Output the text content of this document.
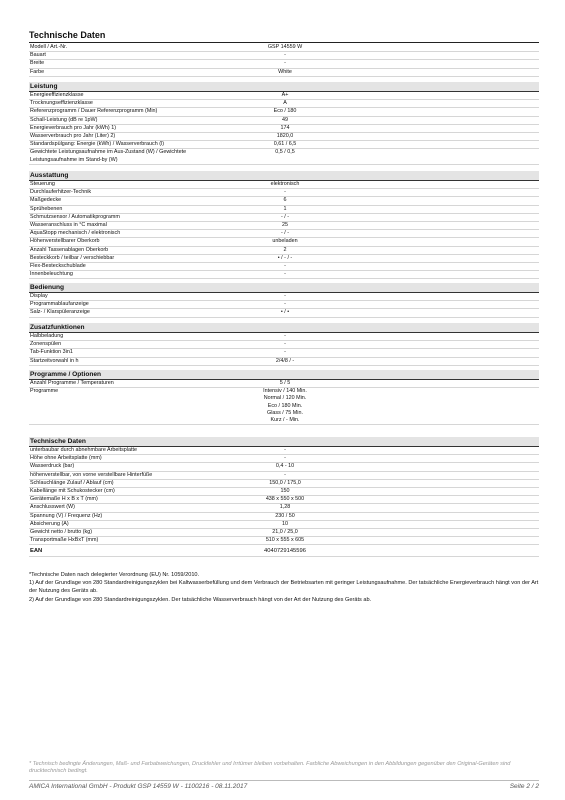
Technische Daten
Modell / Art.-Nr.	GSP 14559 W
Bauart	-
Breite	-
Farbe	White
Leistung
Energieeffizienzklasse	A+
Trocknungseffizienzklasse	A
Referenzprogramm / Dauer Referenzprogramm (Min)	Eco / 180
Schall-Leistung (dB re 1pW)	49
Energieverbrauch pro Jahr (kWh) 1)	174
Wasserverbrauch pro Jahr (Liter) 2)	1820,0
Standardspülgang: Energie (kWh) / Wasserverbrauch (l)	0,61 / 6,5
Gewichtete Leistungsaufnahme im Aus-Zustand (W) / Gewichtete Leistungsaufnahme im Stand-by (W)
0,5 / 0,5
Ausstattung
Steuerung	elektronisch
Durchlauferhitzer-Technik	-
Maßgedecke	6
Sprühebenen	1
Schmutzsensor / Automatikprogramm	- / -
Wasseranschluss in °C maximal	25
AquaStopp mechanisch / elektronisch	- / -
Höhenverstellbarer Oberkorb	unbeladen
Anzahl Tassenablagen Oberkorb	2
Besteckkorb / teilbar / verschiebbar	• / - / -
Flex-Besteckschublade	-
Innenbeleuchtung	-
Bedienung
Display	-
Programmablaufanzeige	-
Salz- / Klarspüleranzeige	• / •
Zusatzfunktionen
Halbbeladung	-
Zonenspülen	-
Tab-Funktion 3in1	-
Startzeitvorwahl in h	2/4/8 / -
Programme / Optionen
Anzahl Programme / Temperaturen	5 / 5
Programme	Intensiv / 140 Min.
Normal / 120 Min.
Eco / 180 Min.
Glass / 75 Min.
Kurz / - Min.
Technische Daten
unterbaubar durch abnehmbare Arbeitsplatte	-
Höhe ohne Arbeitsplatte (mm)	-
Wasserdruck (bar)	0,4 - 10
höhenverstellbar, von vorne verstellbare Hinterfüße	-
Schlauchlänge Zulauf / Ablauf (cm)	150,0 / 175,0
Kabellänge mit Schukostecker (cm)	150
Gerätemaße H x B x T (mm)	438 x 550 x 500
Anschlusswert (W)	1,28
Spannung (V) / Frequenz (Hz)	230 / 50
Absicherung (A)	10
Gewicht netto / brutto (kg)	21,0 / 25,0
Transportmaße HxBxT (mm)	510 x 555 x 605
EAN	4040729145596

*Technische Daten nach delegierter Verordnung (EU) Nr. 1059/2010.

1) Auf der Grundlage von 280 Standardreinigungszyklen bei Kaltwasserbefüllung und dem Verbrauch der Betriebsarten mit geringer Leistungsaufnahme. Der tatsächliche Energieverbrauch hängt von der Art der Nutzung des Geräts ab.

2) Auf der Grundlage von 280 Standardreinigungszyklen. Der tatsächliche Wasserverbrauch hängt von der Art der Nutzung des Geräts ab.

* Technisch bedingte Änderungen, Maß- und Farbabweichungen, Druckfehler und Irrtümer bleiben vorbehalten. Farbliche Abweichungen in den Abbildungen gegenüber den Original-Geräten sind drucktechnisch bedingt.
AMICA International GmbH - Produkt GSP 14559 W - 1100216 - 08.11.2017	Seite 2 / 2
